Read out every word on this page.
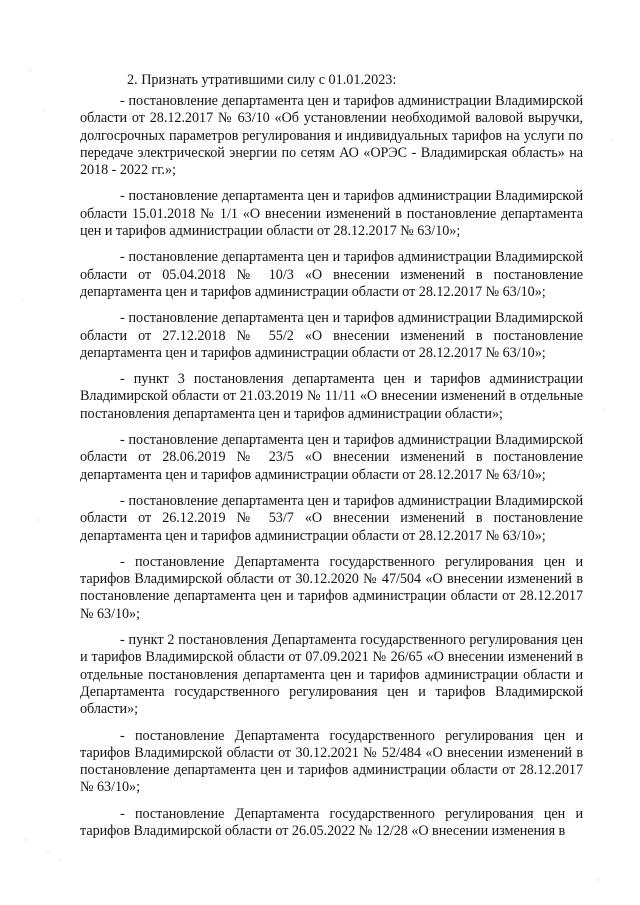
2. Признать утратившими силу с 01.01.2023:

- постановление департамента цен и тарифов администрации Владимирской области от 28.12.2017 № 63/10 «Об установлении необходимой валовой выручки, долгосрочных параметров регулирования и индивидуальных тарифов на услуги по передаче электрической энергии по сетям АО «ОРЭС - Владимирская область» на 2018 - 2022 гг.»;

- постановление департамента цен и тарифов администрации Владимирской области 15.01.2018 № 1/1 «О внесении изменений в постановление департамента цен и тарифов администрации области от 28.12.2017 № 63/10»;

- постановление департамента цен и тарифов администрации Владимирской области от 05.04.2018 № 10/3 «О внесении изменений в постановление департамента цен и тарифов администрации области от 28.12.2017 № 63/10»;

- постановление департамента цен и тарифов администрации Владимирской области от 27.12.2018 № 55/2 «О внесении изменений в постановление департамента цен и тарифов администрации области от 28.12.2017 № 63/10»;

- пункт 3 постановления департамента цен и тарифов администрации Владимирской области от 21.03.2019 № 11/11 «О внесении изменений в отдельные постановления департамента цен и тарифов администрации области»;

- постановление департамента цен и тарифов администрации Владимирской области от 28.06.2019 № 23/5 «О внесении изменений в постановление департамента цен и тарифов администрации области от 28.12.2017 № 63/10»;

- постановление департамента цен и тарифов администрации Владимирской области от 26.12.2019 № 53/7 «О внесении изменений в постановление департамента цен и тарифов администрации области от 28.12.2017 № 63/10»;

- постановление Департамента государственного регулирования цен и тарифов Владимирской области от 30.12.2020 № 47/504 «О внесении изменений в постановление департамента цен и тарифов администрации области от 28.12.2017 № 63/10»;

- пункт 2 постановления Департамента государственного регулирования цен и тарифов Владимирской области от 07.09.2021 № 26/65 «О внесении изменений в отдельные постановления департамента цен и тарифов администрации области и Департамента государственного регулирования цен и тарифов Владимирской области»;

- постановление Департамента государственного регулирования цен и тарифов Владимирской области от 30.12.2021 № 52/484 «О внесении изменений в постановление департамента цен и тарифов администрации области от 28.12.2017 № 63/10»;

- постановление Департамента государственного регулирования цен и тарифов Владимирской области от 26.05.2022 № 12/28 «О внесении изменения в
